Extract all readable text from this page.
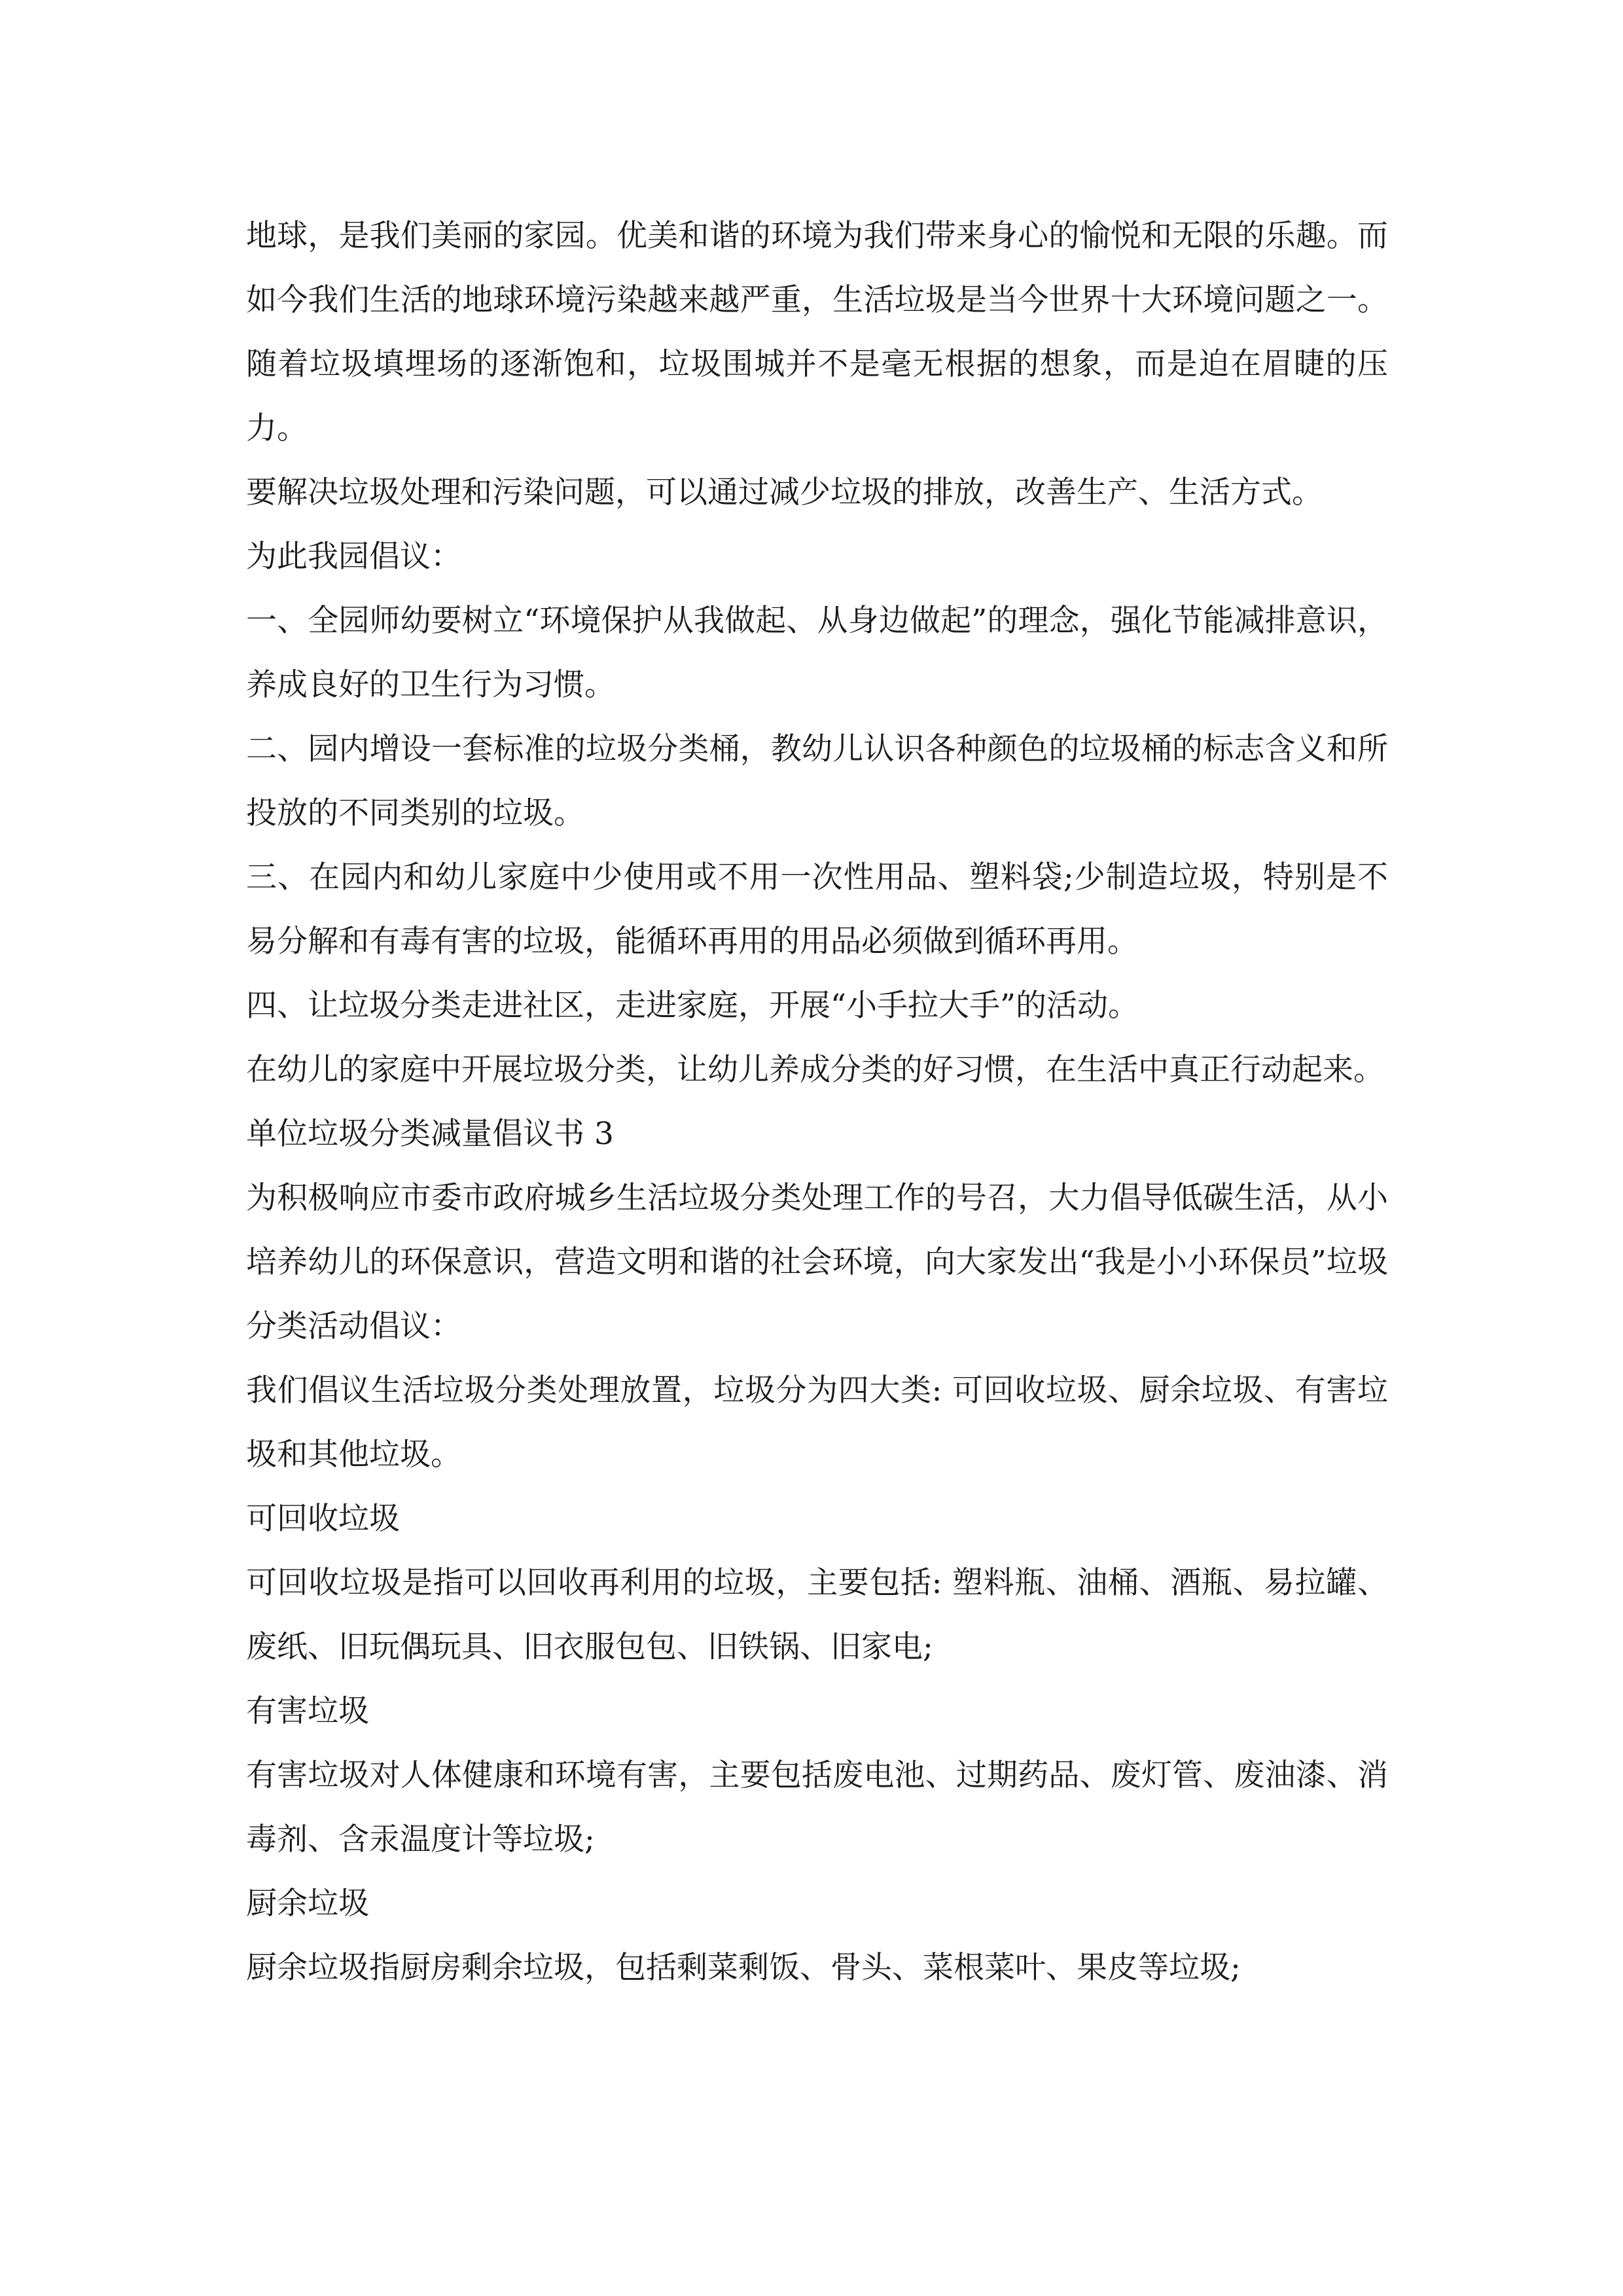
地球，是我们美丽的家园。优美和谐的环境为我们带来身心的愉悦和无限的乐趣。而如今我们生活的地球环境污染越来越严重，生活垃圾是当今世界十大环境问题之一。随着垃圾填埋场的逐渐饱和，垃圾围城并不是毫无根据的想象，而是迫在眉睫的压力。

要解决垃圾处理和污染问题，可以通过减少垃圾的排放，改善生产、生活方式。

为此我园倡议：

一、全园师幼要树立“环境保护从我做起、从身边做起”的理念，强化节能减排意识，养成良好的卫生行为习惯。

二、园内增设一套标准的垃圾分类桶，教幼儿认识各种颜色的垃圾桶的标志含义和所投放的不同类别的垃圾。

三、在园内和幼儿家庭中少使用或不用一次性用品、塑料袋;少制造垃圾，特别是不易分解和有毒有害的垃圾，能循环再用的用品必须做到循环再用。

四、让垃圾分类走进社区，走进家庭，开展“小手拉大手”的活动。

在幼儿的家庭中开展垃圾分类，让幼儿养成分类的好习惯，在生活中真正行动起来。

单位垃圾分类减量倡议书 3

为积极响应市委市政府城乡生活垃圾分类处理工作的号召，大力倡导低碳生活，从小培养幼儿的环保意识，营造文明和谐的社会环境，向大家发出“我是小小环保员”垃圾分类活动倡议：

我们倡议生活垃圾分类处理放置，垃圾分为四大类: 可回收垃圾、厨余垃圾、有害垃圾和其他垃圾。

可回收垃圾

可回收垃圾是指可以回收再利用的垃圾，主要包括: 塑料瓶、油桶、酒瓶、易拉罐、废纸、旧玩偶玩具、旧衣服包包、旧铁锅、旧家电;

有害垃圾

有害垃圾对人体健康和环境有害，主要包括废电池、过期药品、废灯管、废油漆、消毒剂、含汞温度计等垃圾;

厨余垃圾

厨余垃圾指厨房剩余垃圾，包括剩菜剩饭、骨头、菜根菜叶、果皮等垃圾;
